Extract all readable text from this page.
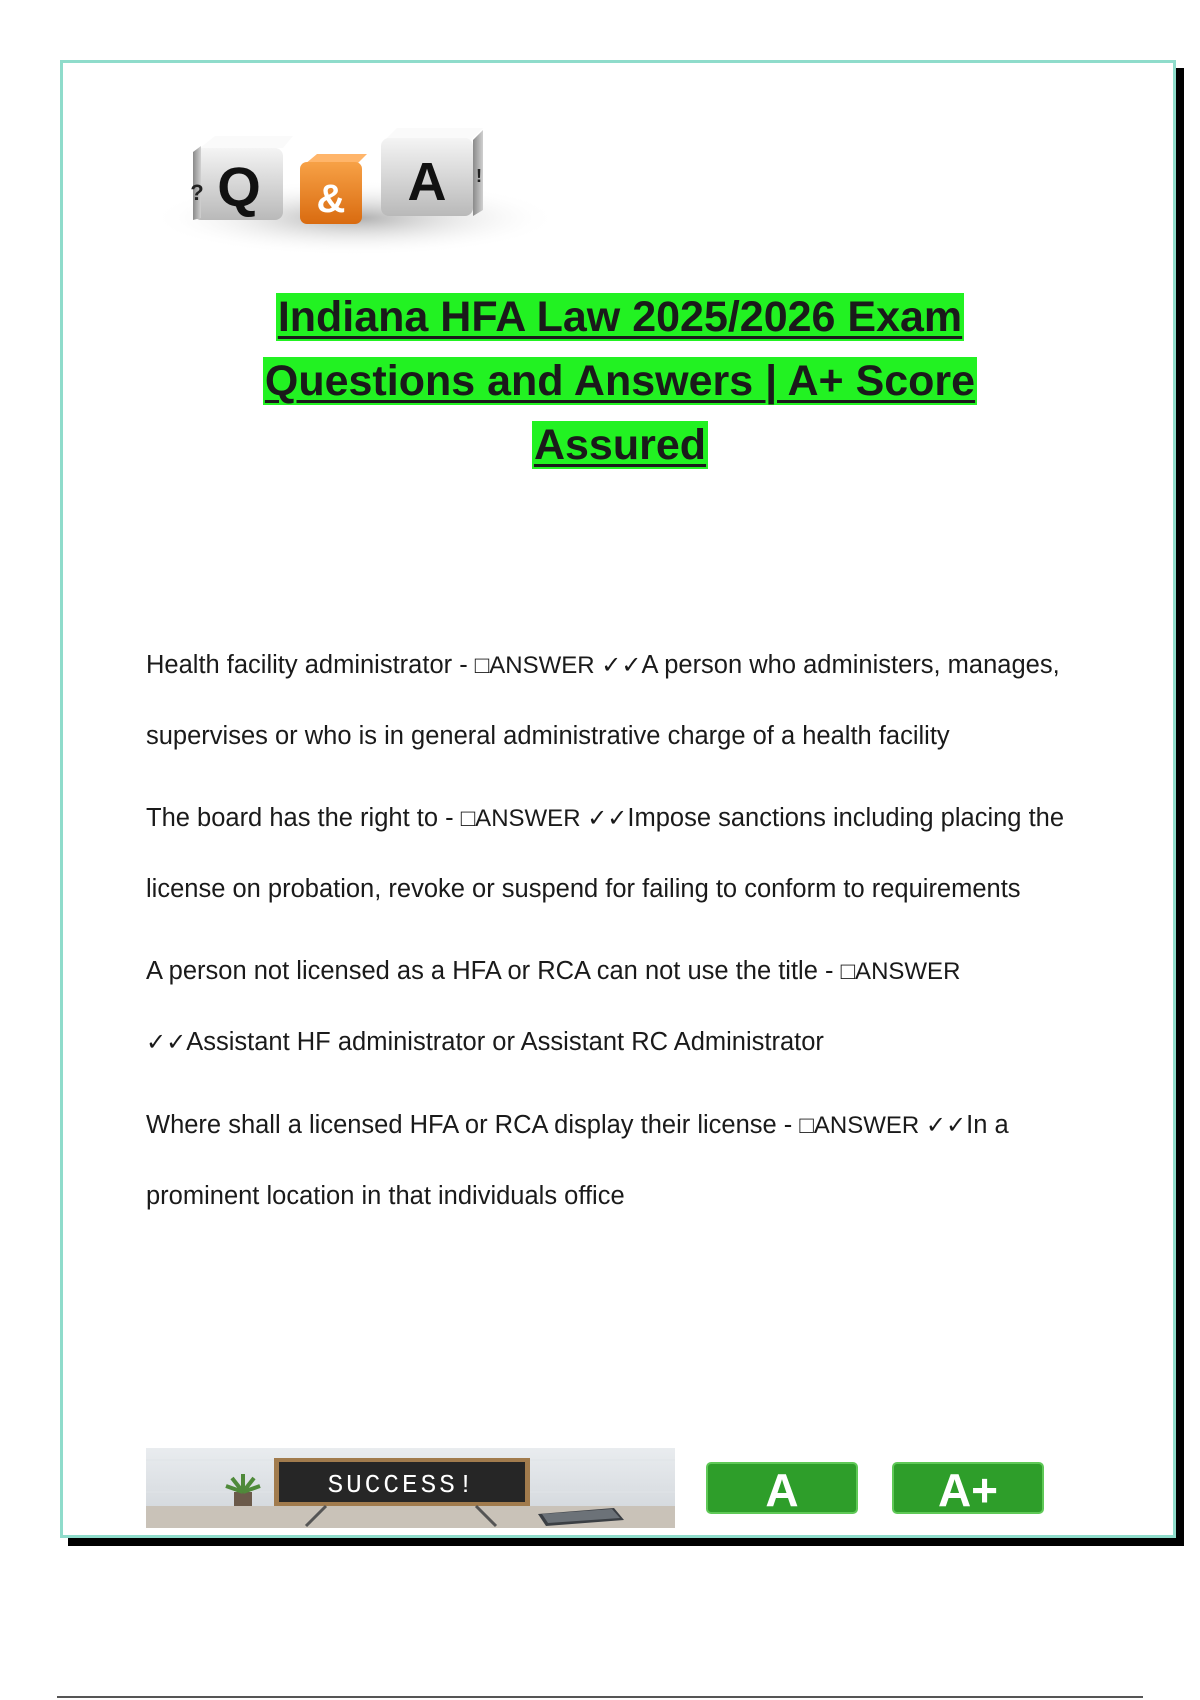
Q
?	& A !
Indiana HFA Law 2025/2026 Exam
Questions and Answers | A+ Score
Assured

Health facility administrator - □ANSWER ✓✓A person who administers, manages, supervises or who is in general administrative charge of a health facility

The board has the right to - □ANSWER ✓✓Impose sanctions including placing the license on probation, revoke or suspend for failing to conform to requirements

A person not licensed as a HFA or RCA can not use the title - □ANSWER ✓✓Assistant HF administrator or Assistant RC Administrator

Where shall a licensed HFA or RCA display their license - □ANSWER ✓✓In a prominent location in that individuals office

SUCCESS!	A	A+
